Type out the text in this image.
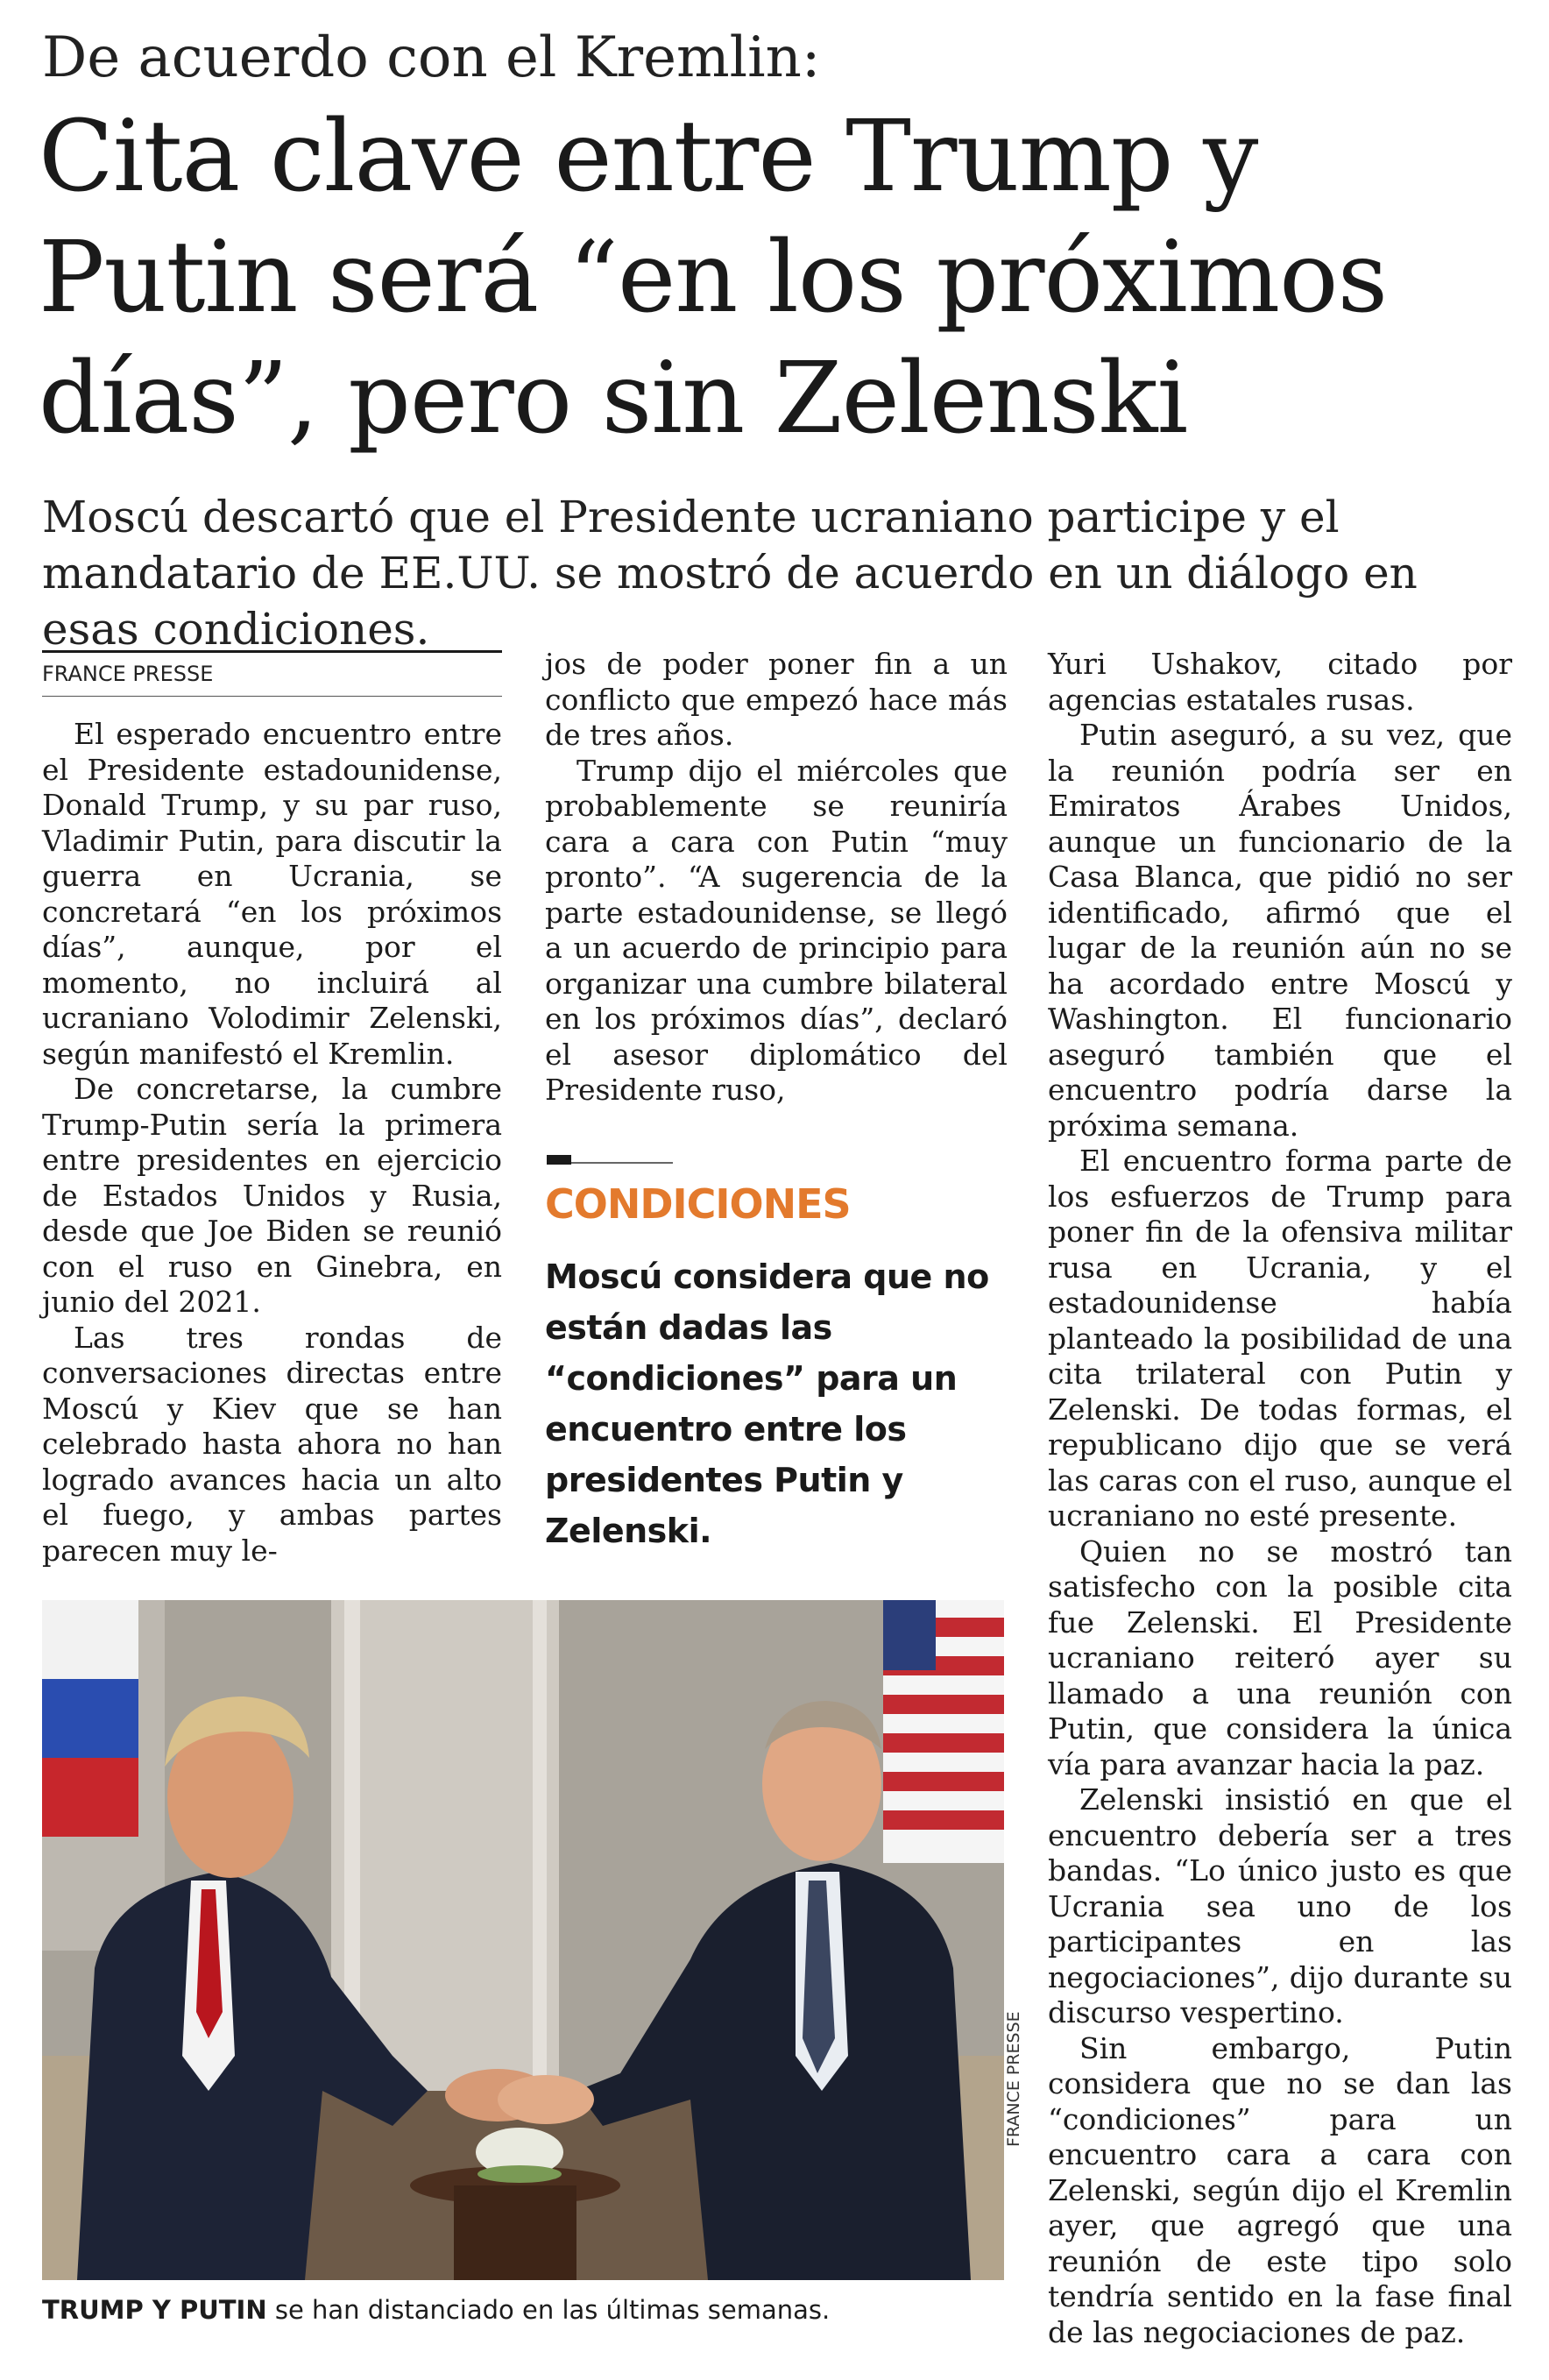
De acuerdo con el Kremlin:
Cita clave entre Trump y Putin será “en los próximos días”, pero sin Zelenski

Moscú descartó que el Presidente ucraniano participe y el mandatario de EE.UU. se mostró de acuerdo en un diálogo en esas condiciones.

FRANCE PRESSE

El esperado encuentro entre el Presidente estadounidense, Donald Trump, y su par ruso, Vladimir Putin, para discutir la guerra en Ucrania, se concretará “en los próximos días”, aunque, por el momento, no incluirá al ucraniano Volodimir Zelenski, según manifestó el Kremlin.

De concretarse, la cumbre Trump-Putin sería la primera entre presidentes en ejercicio de Estados Unidos y Rusia, desde que Joe Biden se reunió con el ruso en Ginebra, en junio del 2021.

Las tres rondas de conversaciones directas entre Moscú y Kiev que se han celebrado hasta ahora no han logrado avances hacia un alto el fuego, y ambas partes parecen muy le-

jos de poder poner fin a un conflicto que empezó hace más de tres años.

Trump dijo el miércoles que probablemente se reuniría cara a cara con Putin “muy pronto”. “A sugerencia de la parte estadounidense, se llegó a un acuerdo de principio para organizar una cumbre bilateral en los próximos días”, declaró el asesor diplomático del Presidente ruso,

CONDICIONES

Moscú considera que no están dadas las “condiciones” para un encuentro entre los presidentes Putin y Zelenski.

Yuri Ushakov, citado por agencias estatales rusas.

Putin aseguró, a su vez, que la reunión podría ser en Emiratos Árabes Unidos, aunque un funcionario de la Casa Blanca, que pidió no ser identificado, afirmó que el lugar de la reunión aún no se ha acordado entre Moscú y Washington. El funcionario aseguró también que el encuentro podría darse la próxima semana.

El encuentro forma parte de los esfuerzos de Trump para poner fin de la ofensiva militar rusa en Ucrania, y el estadounidense había planteado la posibilidad de una cita trilateral con Putin y Zelenski. De todas formas, el republicano dijo que se verá las caras con el ruso, aunque el ucraniano no esté presente.

Quien no se mostró tan satisfecho con la posible cita fue Zelenski. El Presidente ucraniano reiteró ayer su llamado a una reunión con Putin, que considera la única vía para avanzar hacia la paz.

Zelenski insistió en que el encuentro debería ser a tres bandas. “Lo único justo es que Ucrania sea uno de los participantes en las negociaciones”, dijo durante su discurso vespertino.

Sin embargo, Putin considera que no se dan las “condiciones” para un encuentro cara a cara con Zelenski, según dijo el Kremlin ayer, que agregó que una reunión de este tipo solo tendría sentido en la fase final de las negociaciones de paz.

FRANCE PRESSE

TRUMP Y PUTIN se han distanciado en las últimas semanas.
